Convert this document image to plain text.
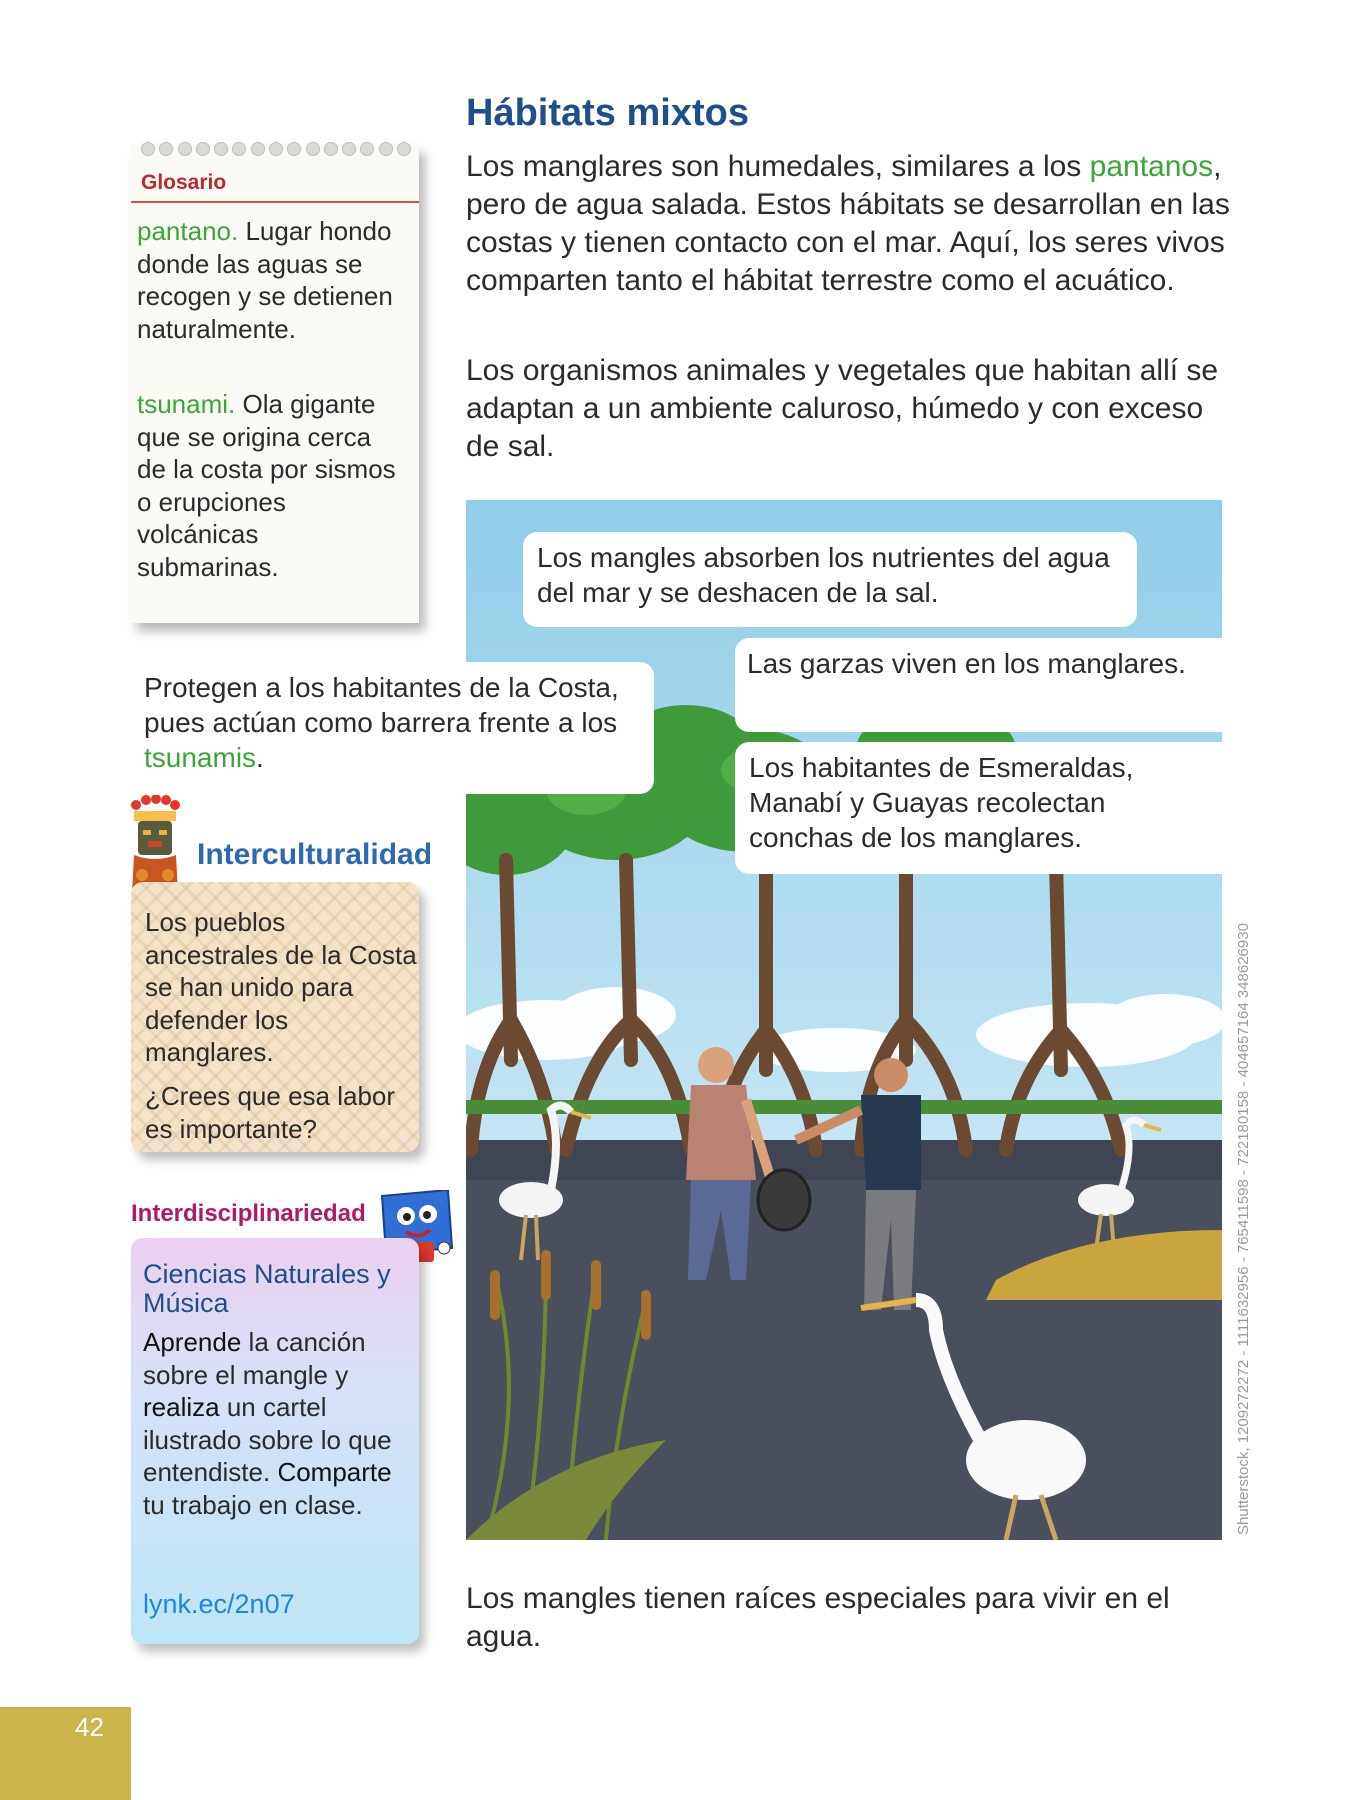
Hábitats mixtos

Los manglares son humedales, similares a los pantanos, pero de agua salada. Estos hábitats se desarrollan en las costas y tienen contacto con el mar. Aquí, los seres vivos comparten tanto el hábitat terrestre como el acuático.

Los organismos animales y vegetales que habitan allí se adaptan a un ambiente caluroso, húmedo y con exceso de sal.

Glosario

pantano. Lugar hondo donde las aguas se recogen y se detienen naturalmente.

tsunami. Ola gigante que se origina cerca de la costa por sismos o erupciones volcánicas submarinas.

Interculturalidad

Los pueblos ancestrales de la Costa se han unido para defender los manglares.

¿Crees que esa labor es importante?

Interdisciplinariedad
Ciencias Naturales y Música
Aprende la canción sobre el mangle y realiza un cartel ilustrado sobre lo que entendiste. Comparte tu trabajo en clase.
lynk.ec/2n07
Los mangles absorben los nutrientes del agua del mar y se deshacen de la sal.
Protegen a los habitantes de la Costa, pues actúan como barrera frente a los tsunamis.
Las garzas viven en los manglares.
Los habitantes de Esmeraldas, Manabí y Guayas recolectan conchas de los manglares.
Los mangles tienen raíces especiales para vivir en el agua.
Shutterstock, 1209272272 - 1111632956 - 765411598 - 722180158 - 404657164 348626930
42
